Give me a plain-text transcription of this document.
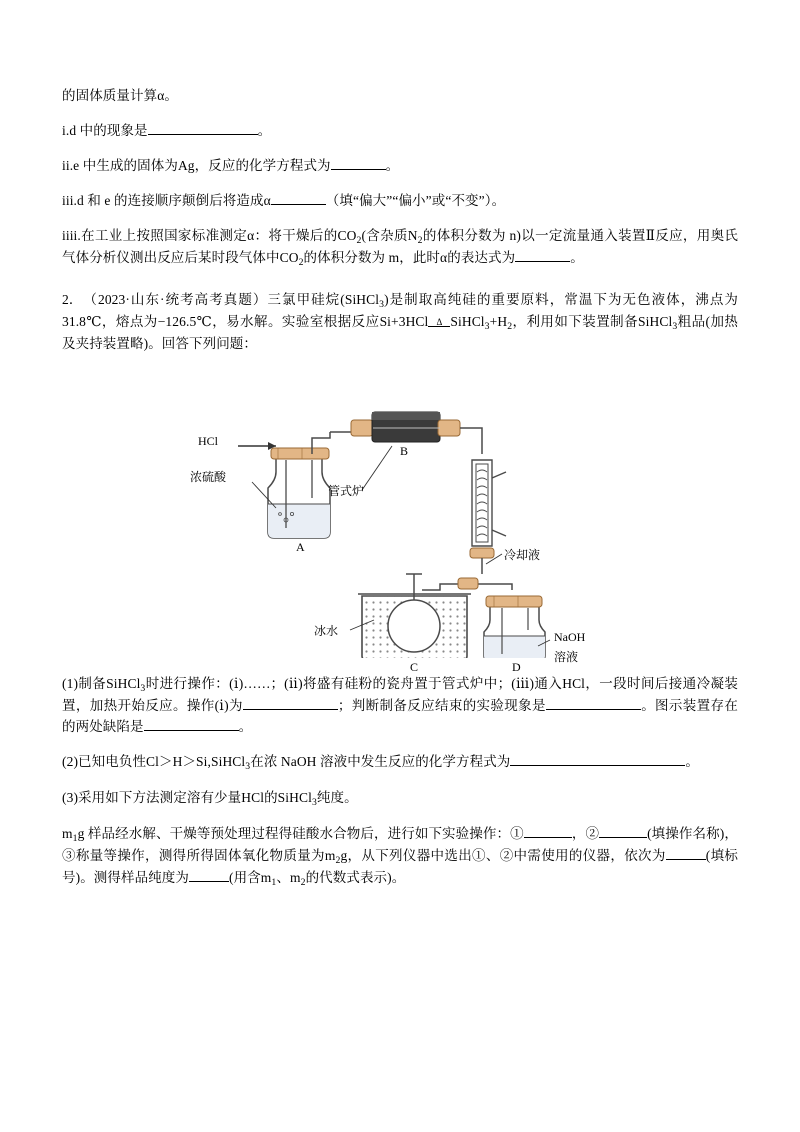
的固体质量计算α。

i.d 中的现象是	。

ii.e 中生成的固体为Ag，反应的化学方程式为	。

iii.d 和 e 的连接顺序颠倒后将造成α	（填“偏大”“偏小”或“不变”）。

iiii.在工业上按照国家标准测定α：将干燥后的$CO_2$(含杂质$N_2$的体积分数为 n)以一定流量通入装置Ⅱ反应，用奥氏气体分析仪测出反应后某时段气体中$CO_2$的体积分数为 m，此时α的表达式为	。

2．（2023·山东·统考高考真题）三氯甲硅烷(SiHCl$_3$)是制取高纯硅的重要原料，常温下为无色液体，沸点为31.8℃，熔点为−126.5℃，易水解。实验室根据反应Si+3HCl Δ $SiHCl_3+H_2$，利用如下装置制备SiHCl$_3$粗品(加热及夹持装置略)。回答下列问题：

HCl
浓硫酸
A
B
管式炉
冷却液
冰水	NaOH
溶液
C	D

(1)制备SiHCl$_3$时进行操作：(ⅰ)……；(ⅱ)将盛有硅粉的瓷舟置于管式炉中；(ⅲ)通入HCl，一段时间后接通冷凝装置，加热开始反应。操作(ⅰ)为	；判断制备反应结束的实验现象是	。图示装置存在的两处缺陷是	。

(2)已知电负性Cl＞H＞Si,SiHCl$_3$在浓 NaOH 溶液中发生反应的化学方程式为	。

(3)采用如下方法测定溶有少量HCl的SiHCl$_3$纯度。

$m_1g$ 样品经水解、干燥等预处理过程得硅酸水合物后，进行如下实验操作：①	，②	(填操作名称)，③称量等操作，测得所得固体氧化物质量为$m_2g$，从下列仪器中选出①、②中需使用的仪器，依次为	(填标号)。测得样品纯度为	(用含$m_1$、$m_2$的代数式表示)。
